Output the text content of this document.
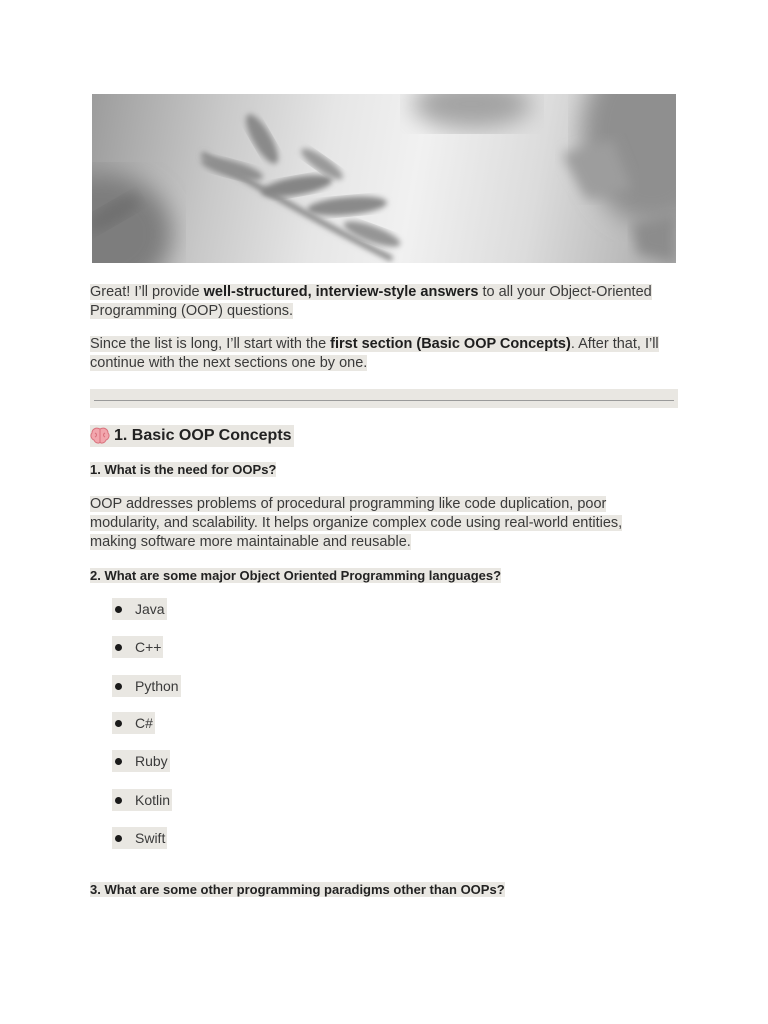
Great! I’ll provide well-structured, interview-style answers to all your Object-Oriented
Programming (OOP) questions.

Since the list is long, I’ll start with the first section (Basic OOP Concepts). After that, I’ll
continue with the next sections one by one.

1. Basic OOP Concepts

1. What is the need for OOPs?

OOP addresses problems of procedural programming like code duplication, poor
modularity, and scalability. It helps organize complex code using real-world entities,
making software more maintainable and reusable.

2. What are some major Object Oriented Programming languages?

Java
C++
Python
C#
Ruby
Kotlin
Swift

3. What are some other programming paradigms other than OOPs?
